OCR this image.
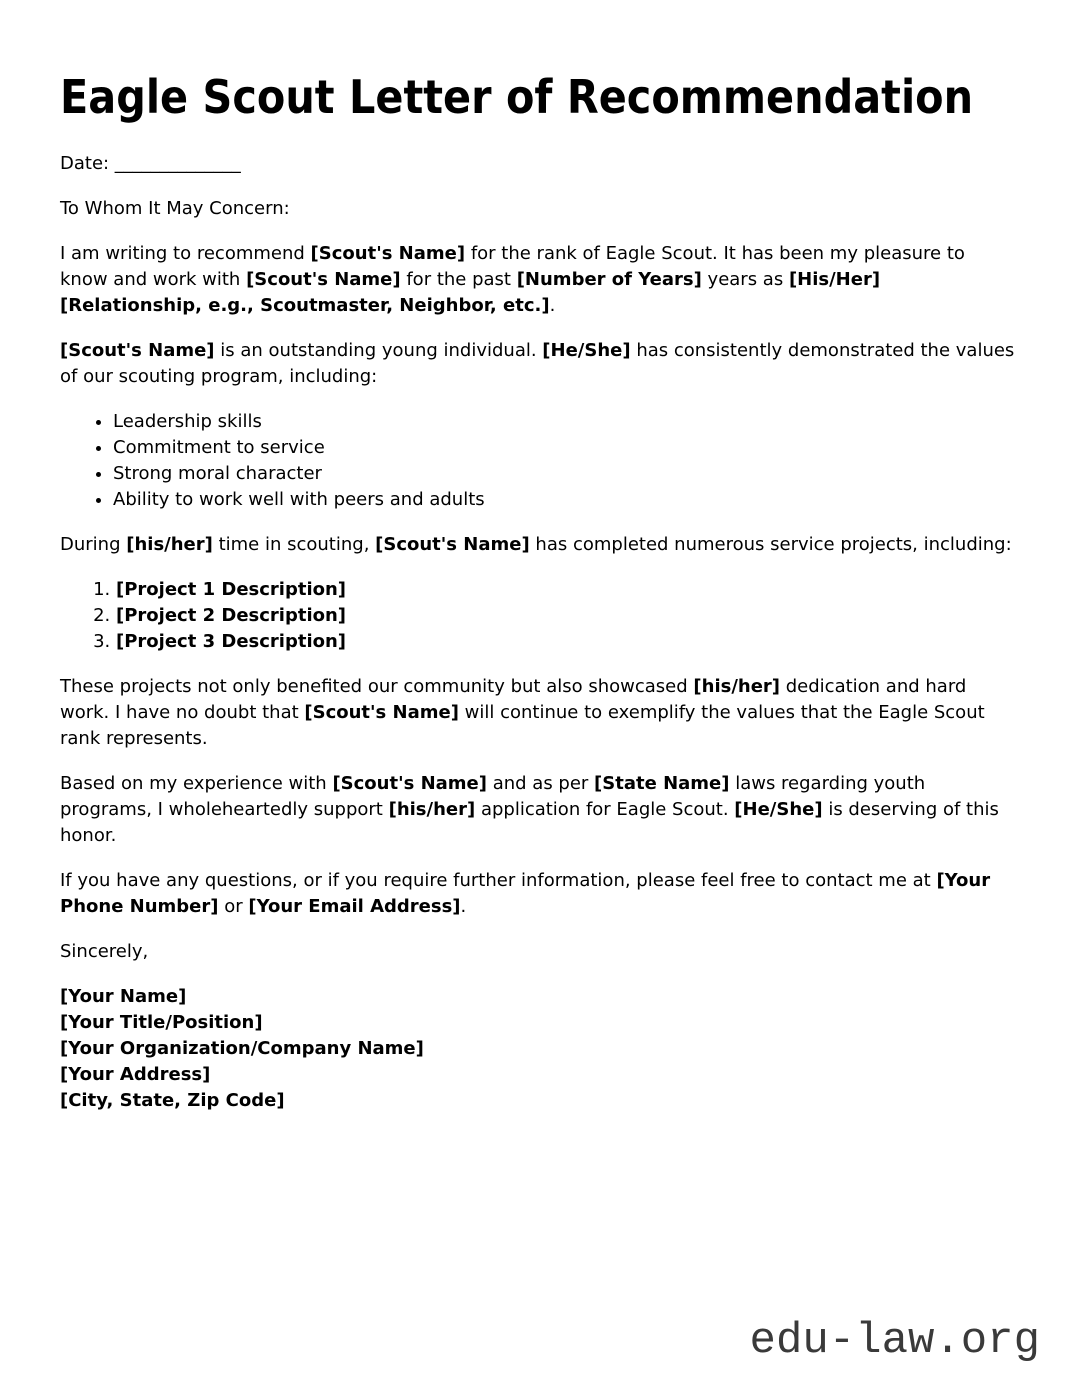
Eagle Scout Letter of Recommendation

Date: ______________

To Whom It May Concern:

I am writing to recommend [Scout's Name] for the rank of Eagle Scout. It has been my pleasure to know and work with [Scout's Name] for the past [Number of Years] years as [His/Her] [Relationship, e.g., Scoutmaster, Neighbor, etc.].

[Scout's Name] is an outstanding young individual. [He/She] has consistently demonstrated the values of our scouting program, including:

• Leadership skills
• Commitment to service
• Strong moral character
• Ability to work well with peers and adults

During [his/her] time in scouting, [Scout's Name] has completed numerous service projects, including:

1. [Project 1 Description]
2. [Project 2 Description]
3. [Project 3 Description]

These projects not only benefited our community but also showcased [his/her] dedication and hard work. I have no doubt that [Scout's Name] will continue to exemplify the values that the Eagle Scout rank represents.

Based on my experience with [Scout's Name] and as per [State Name] laws regarding youth programs, I wholeheartedly support [his/her] application for Eagle Scout. [He/She] is deserving of this honor.

If you have any questions, or if you require further information, please feel free to contact me at [Your Phone Number] or [Your Email Address].

Sincerely,

[Your Name]
[Your Title/Position]
[Your Organization/Company Name]
[Your Address]
[City, State, Zip Code]

edu-law.org
